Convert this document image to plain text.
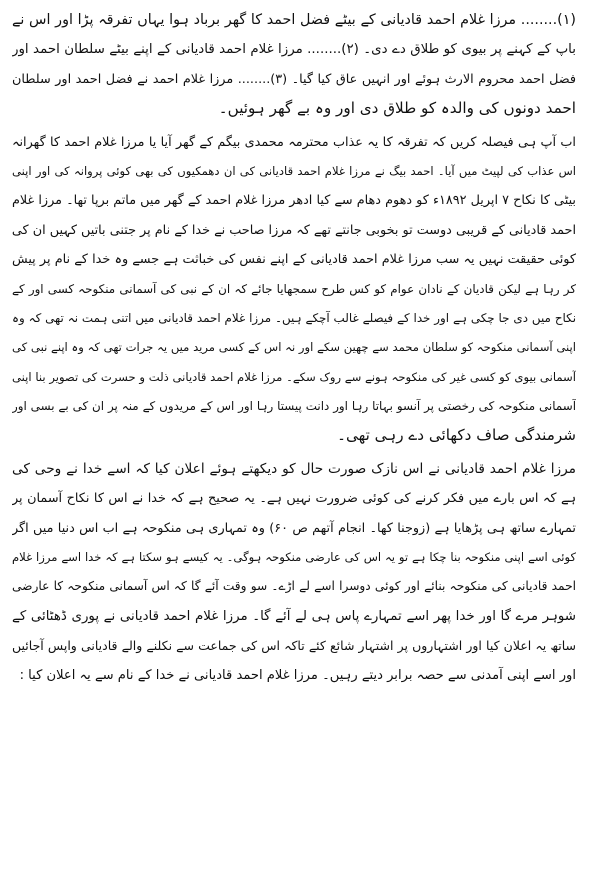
(۱)........ مرزا غلام احمد قادیانی کے بیٹے فضل احمد کا گھر برباد ہوا یہاں تفرقہ پڑا اور اس نے
باپ کے کہنے پر بیوی کو طلاق دے دی۔ (۲)........ مرزا غلام احمد قادیانی کے اپنے بیٹے سلطان احمد اور
فضل احمد محروم الارث ہوئے اور انہیں عاق کیا گیا۔ (۳)........ مرزا غلام احمد نے فضل احمد اور سلطان
احمد دونوں کی والدہ کو طلاق دی اور وہ بے گھر ہوئیں۔
اب آپ ہی فیصلہ کریں کہ تفرقہ کا یہ عذاب محترمہ محمدی بیگم کے گھر آیا یا مرزا غلام احمد کا گھرانہ
اس عذاب کی لپیٹ میں آیا۔ احمد بیگ نے مرزا غلام احمد قادیانی کی ان دھمکیوں کی بھی کوئی پروانہ کی اور اپنی
بیٹی کا نکاح ۷ اپریل ۱۸۹۲ء کو دھوم دھام سے کیا ادھر مرزا غلام احمد کے گھر میں ماتم برپا تھا۔ مرزا غلام
احمد قادیانی کے قریبی دوست تو بخوبی جانتے تھے کہ مرزا صاحب نے خدا کے نام پر جتنی باتیں کہیں ان کی
کوئی حقیقت نہیں یہ سب مرزا غلام احمد قادیانی کے اپنے نفس کی خباثت ہے جسے وہ خدا کے نام پر پیش
کر رہا ہے لیکن قادیان کے نادان عوام کو کس طرح سمجھایا جائے کہ ان کے نبی کی آسمانی منکوحہ کسی اور کے
نکاح میں دی جا چکی ہے اور خدا کے فیصلے غالب آچکے ہیں۔ مرزا غلام احمد قادیانی میں اتنی ہمت نہ تھی کہ وہ
اپنی آسمانی منکوحہ کو سلطان محمد سے چھین سکے اور نہ اس کے کسی مرید میں یہ جرات تھی کہ وہ اپنے نبی کی
آسمانی بیوی کو کسی غیر کی منکوحہ ہونے سے روک سکے۔ مرزا غلام احمد قادیانی ذلت و حسرت کی تصویر بنا اپنی
آسمانی منکوحہ کی رخصتی پر آنسو بہاتا رہا اور دانت پیستا رہا اور اس کے مریدوں کے منہ پر ان کی بے بسی اور
شرمندگی صاف دکھائی دے رہی تھی۔
مرزا غلام احمد قادیانی نے اس نازک صورت حال کو دیکھتے ہوئے اعلان کیا کہ اسے خدا نے وحی کی
ہے کہ اس بارے میں فکر کرنے کی کوئی ضرورت نہیں ہے۔ یہ صحیح ہے کہ خدا نے اس کا نکاح آسمان پر
تمہارے ساتھ ہی پڑھایا ہے (زوجنا کھا۔ انجام آتھم ص ۶۰) وہ تمہاری ہی منکوحہ ہے اب اس دنیا میں اگر
کوئی اسے اپنی منکوحہ بنا چکا ہے تو یہ اس کی عارضی منکوحہ ہوگی۔ یہ کیسے ہو سکتا ہے کہ خدا اسے مرزا غلام
احمد قادیانی کی منکوحہ بنائے اور کوئی دوسرا اسے لے اڑے۔ سو وقت آئے گا کہ اس آسمانی منکوحہ کا عارضی
شوہر مرے گا اور خدا پھر اسے تمہارے پاس ہی لے آئے گا۔ مرزا غلام احمد قادیانی نے پوری ڈھٹائی کے
ساتھ یہ اعلان کیا اور اشتہاروں پر اشتہار شائع کئے تاکہ اس کی جماعت سے نکلنے والے قادیانی واپس آجائیں
اور اسے اپنی آمدنی سے حصہ برابر دیتے رہیں۔ مرزا غلام احمد قادیانی نے خدا کے نام سے یہ اعلان کیا :
